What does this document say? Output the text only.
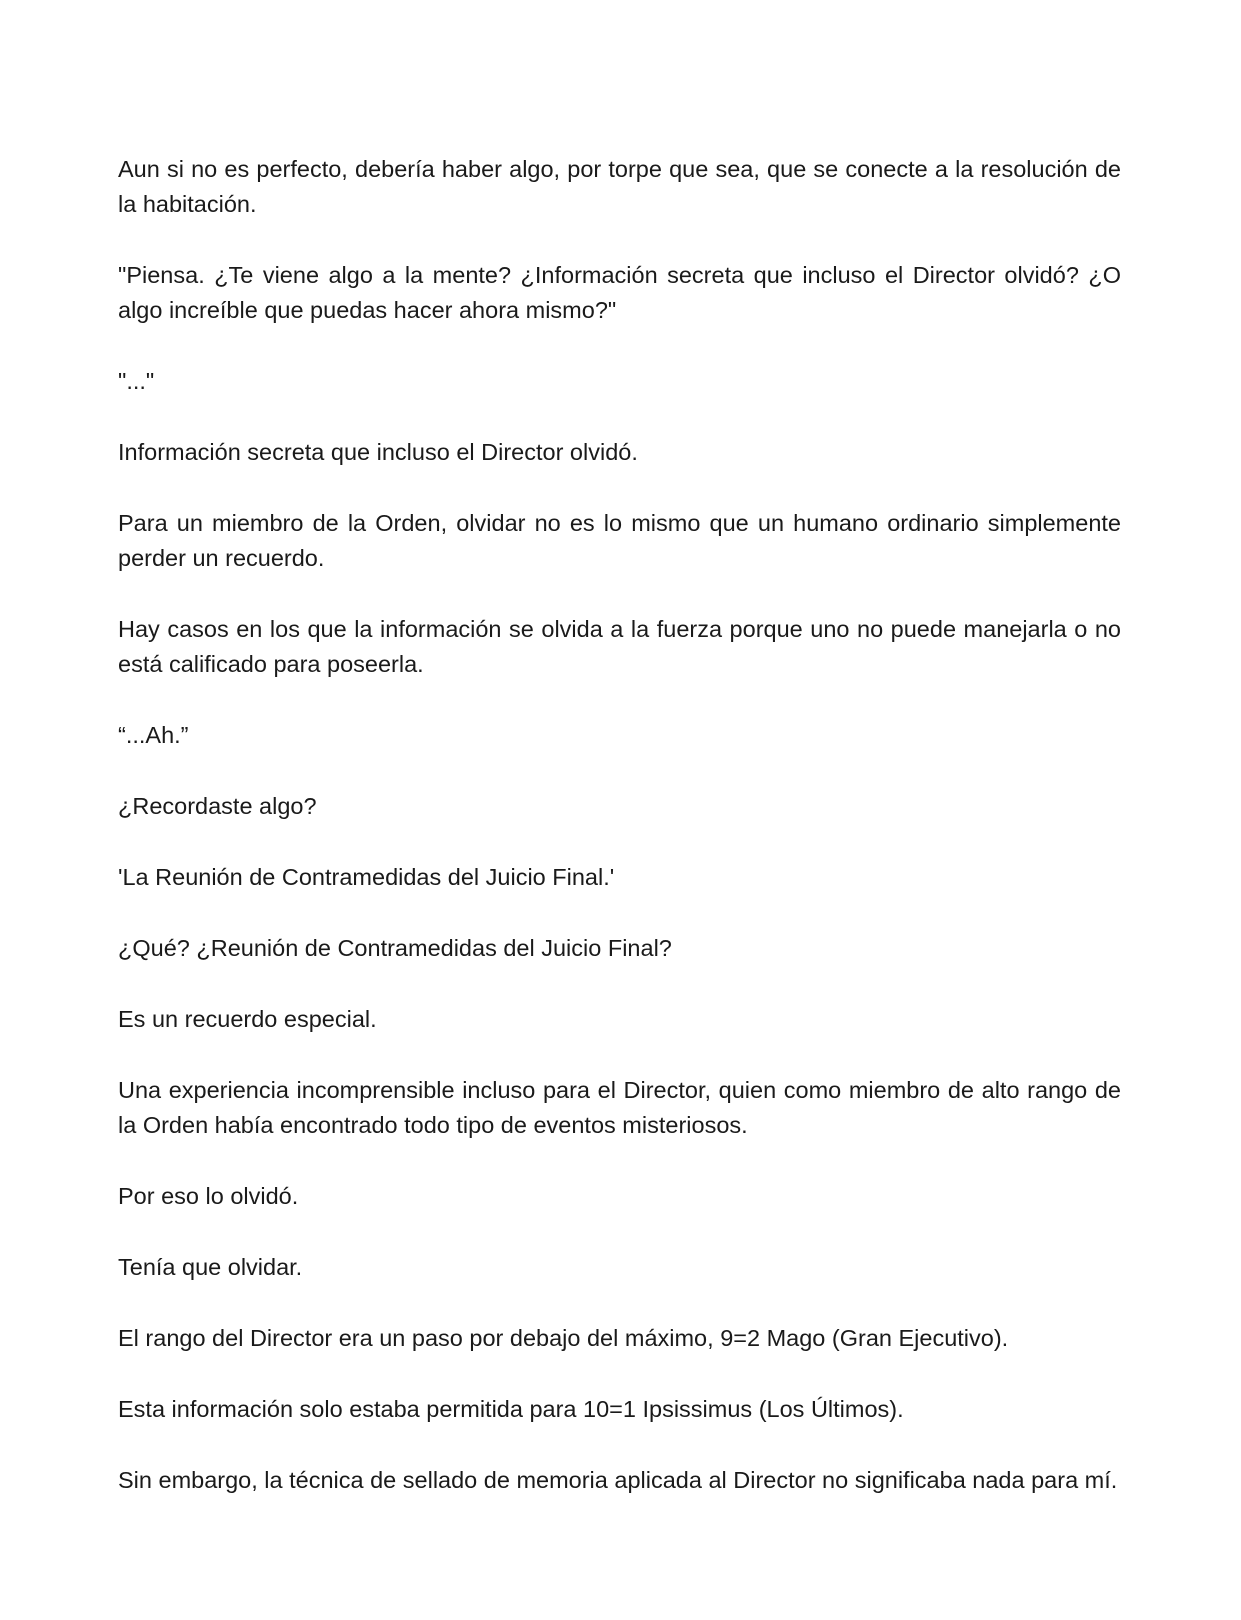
Aun si no es perfecto, debería haber algo, por torpe que sea, que se conecte a la resolución de la habitación.

"Piensa. ¿Te viene algo a la mente? ¿Información secreta que incluso el Director olvidó? ¿O algo increíble que puedas hacer ahora mismo?"

"..."

Información secreta que incluso el Director olvidó.

Para un miembro de la Orden, olvidar no es lo mismo que un humano ordinario simplemente perder un recuerdo.

Hay casos en los que la información se olvida a la fuerza porque uno no puede manejarla o no está calificado para poseerla.

“...Ah.”

¿Recordaste algo?

'La Reunión de Contramedidas del Juicio Final.'

¿Qué? ¿Reunión de Contramedidas del Juicio Final?

Es un recuerdo especial.

Una experiencia incomprensible incluso para el Director, quien como miembro de alto rango de la Orden había encontrado todo tipo de eventos misteriosos.

Por eso lo olvidó.

Tenía que olvidar.

El rango del Director era un paso por debajo del máximo, 9=2 Mago (Gran Ejecutivo).

Esta información solo estaba permitida para 10=1 Ipsissimus (Los Últimos).

Sin embargo, la técnica de sellado de memoria aplicada al Director no significaba nada para mí.
